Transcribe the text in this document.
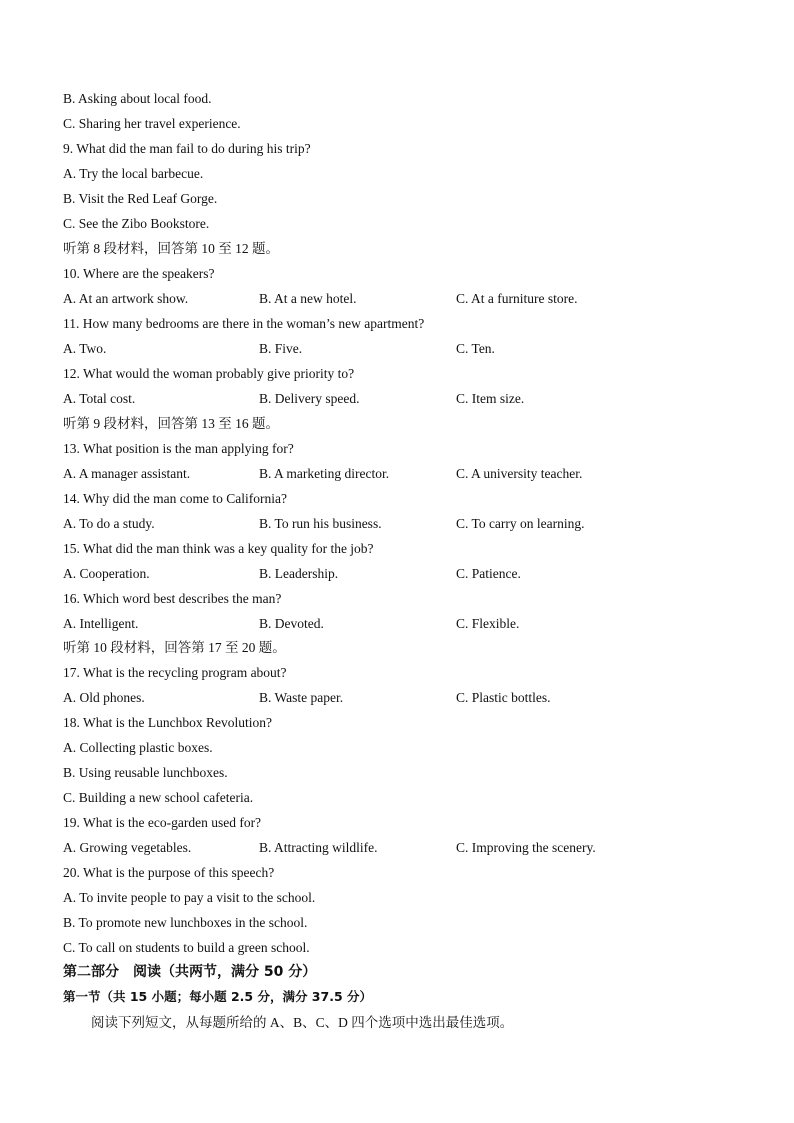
B. Asking about local food.
C. Sharing her travel experience.
9. What did the man fail to do during his trip?
A. Try the local barbecue.
B. Visit the Red Leaf Gorge.
C. See the Zibo Bookstore.
听第 8 段材料，回答第 10 至 12 题。
10. Where are the speakers?
A. At an artwork show.	B. At a new hotel.	C. At a furniture store.
11. How many bedrooms are there in the woman’s new apartment?
A. Two.	B. Five.	C. Ten.
12. What would the woman probably give priority to?
A. Total cost.	B. Delivery speed.	C. Item size.
听第 9 段材料，回答第 13 至 16 题。
13. What position is the man applying for?
A. A manager assistant.	B. A marketing director.	C. A university teacher.
14. Why did the man come to California?
A. To do a study.	B. To run his business.	C. To carry on learning.
15. What did the man think was a key quality for the job?
A. Cooperation.	B. Leadership.	C. Patience.
16. Which word best describes the man?
A. Intelligent.	B. Devoted.	C. Flexible.
听第 10 段材料，回答第 17 至 20 题。
17. What is the recycling program about?
A. Old phones.	B. Waste paper.	C. Plastic bottles.
18. What is the Lunchbox Revolution?
A. Collecting plastic boxes.
B. Using reusable lunchboxes.
C. Building a new school cafeteria.
19. What is the eco-garden used for?
A. Growing vegetables.	B. Attracting wildlife.	C. Improving the scenery.
20. What is the purpose of this speech?
A. To invite people to pay a visit to the school.
B. To promote new lunchboxes in the school.
C. To call on students to build a green school.
第二部分　阅读（共两节，满分 50 分）
第一节（共 15 小题；每小题 2.5 分，满分 37.5 分）
阅读下列短文，从每题所给的 A、B、C、D 四个选项中选出最佳选项。
